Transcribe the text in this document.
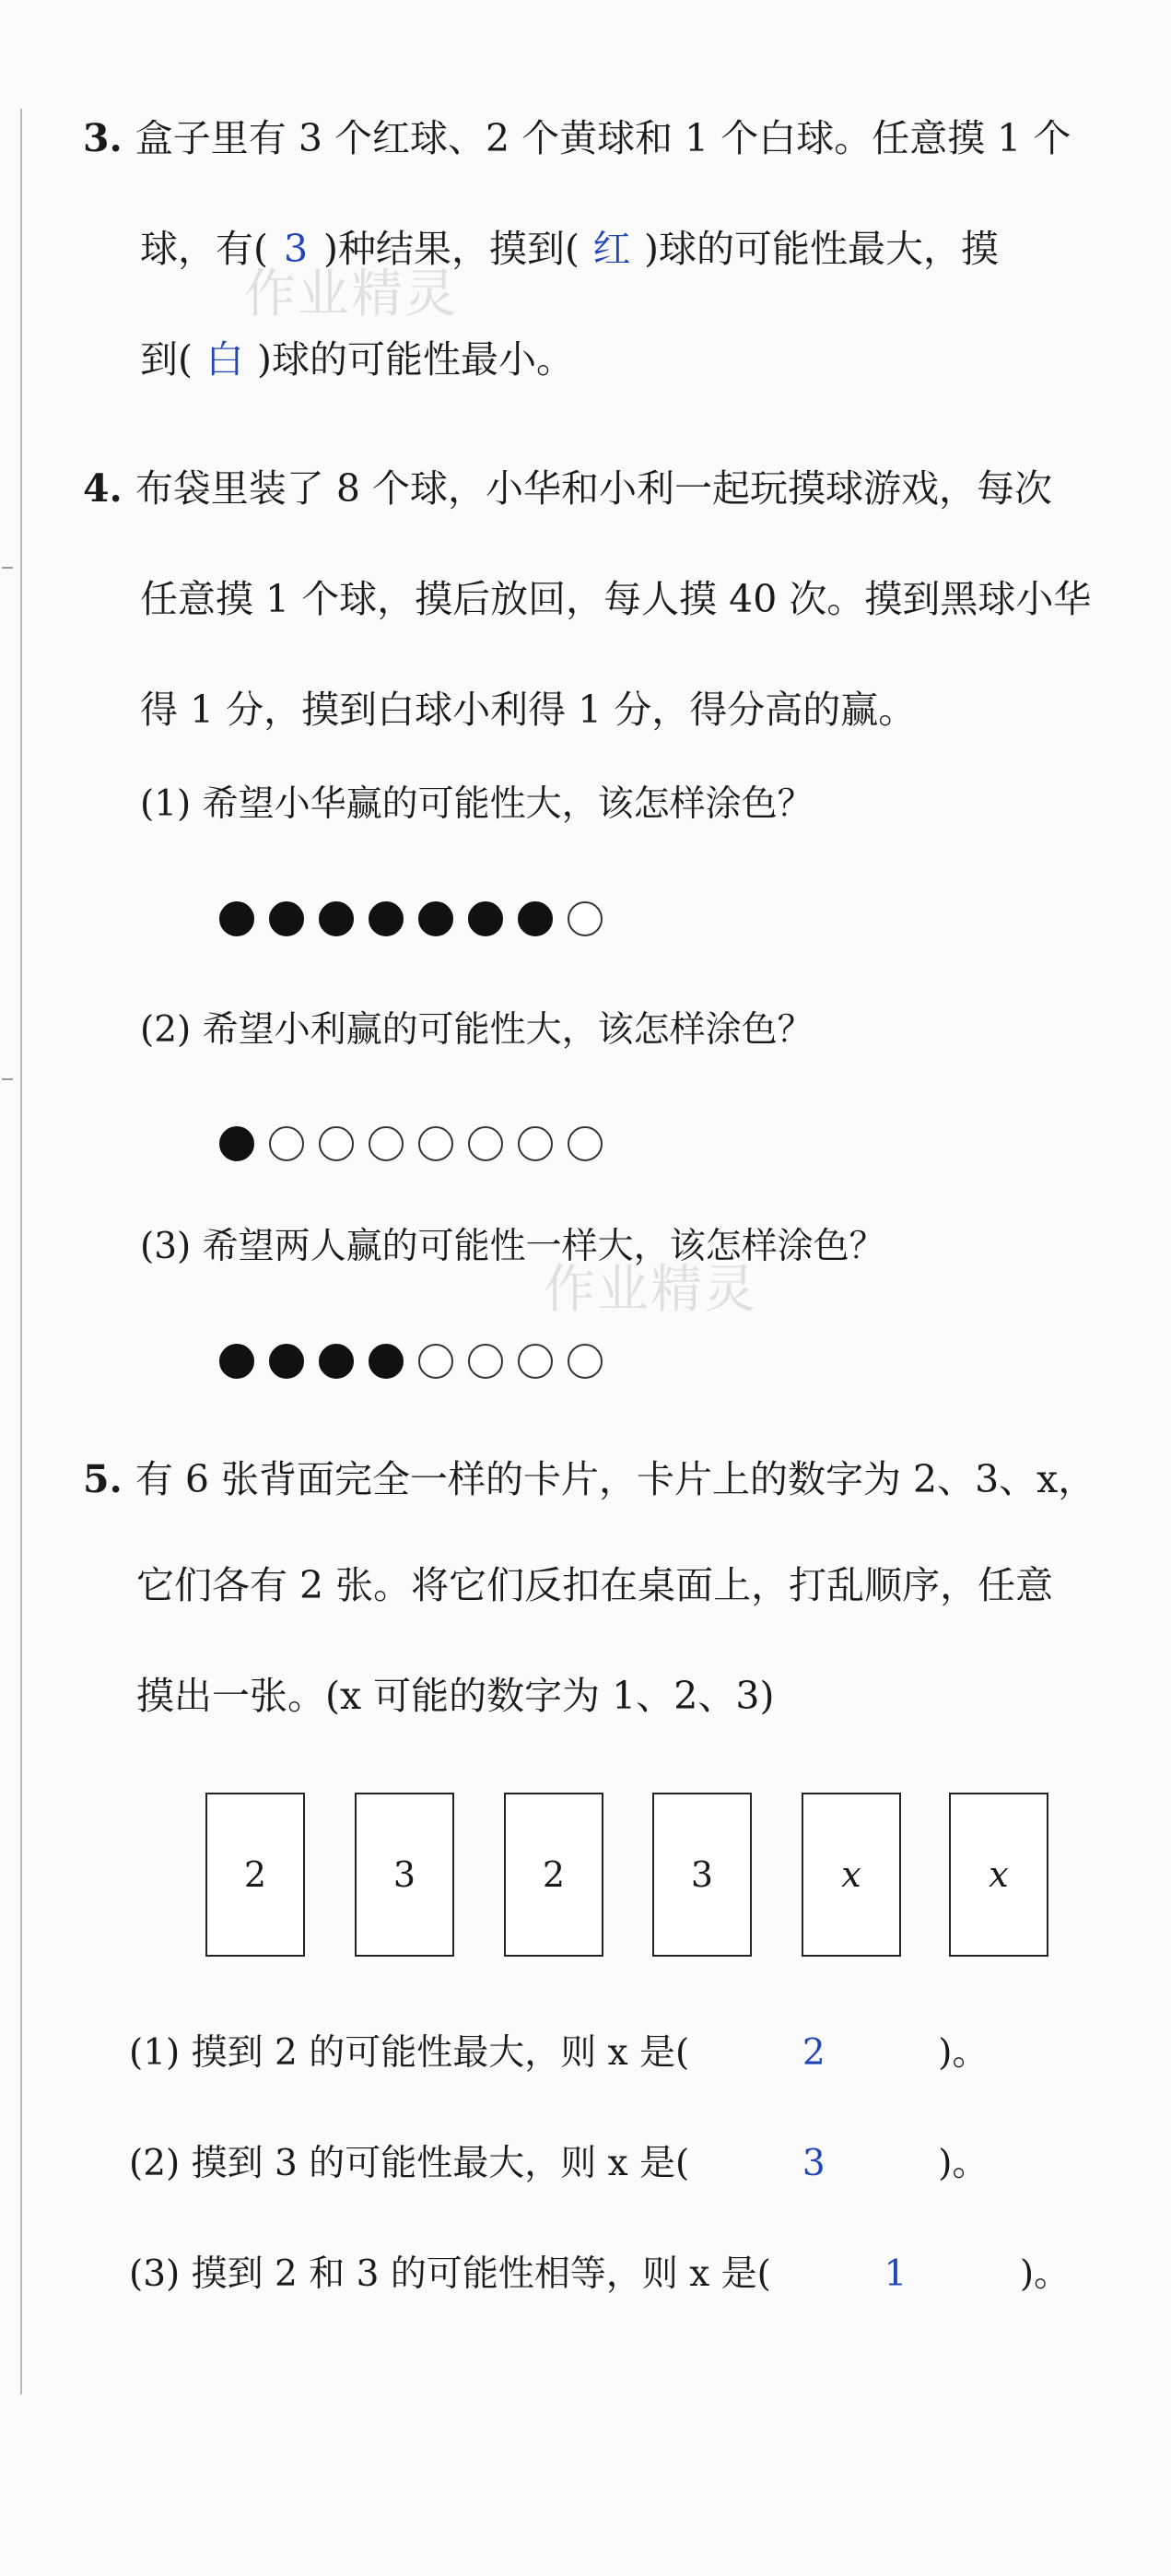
3. 盒子里有 3 个红球、2 个黄球和 1 个白球。任意摸 1 个
球，有( 3 )种结果，摸到( 红 )球的可能性最大，摸
到( 白 )球的可能性最小。
作业精灵
4. 布袋里装了 8 个球，小华和小利一起玩摸球游戏，每次
任意摸 1 个球，摸后放回，每人摸 40 次。摸到黑球小华
得 1 分，摸到白球小利得 1 分，得分高的赢。
(1) 希望小华赢的可能性大，该怎样涂色？
(2) 希望小利赢的可能性大，该怎样涂色？
(3) 希望两人赢的可能性一样大，该怎样涂色？
作业精灵
5. 有 6 张背面完全一样的卡片，卡片上的数字为 2、3、x，
它们各有 2 张。将它们反扣在桌面上，打乱顺序，任意
摸出一张。(x 可能的数字为 1、2、3)
2	3	2	3	x	x
(1) 摸到 2 的可能性最大，则 x 是(	2	)。
(2) 摸到 3 的可能性最大，则 x 是(	3	)。
(3) 摸到 2 和 3 的可能性相等，则 x 是(	1	)。
